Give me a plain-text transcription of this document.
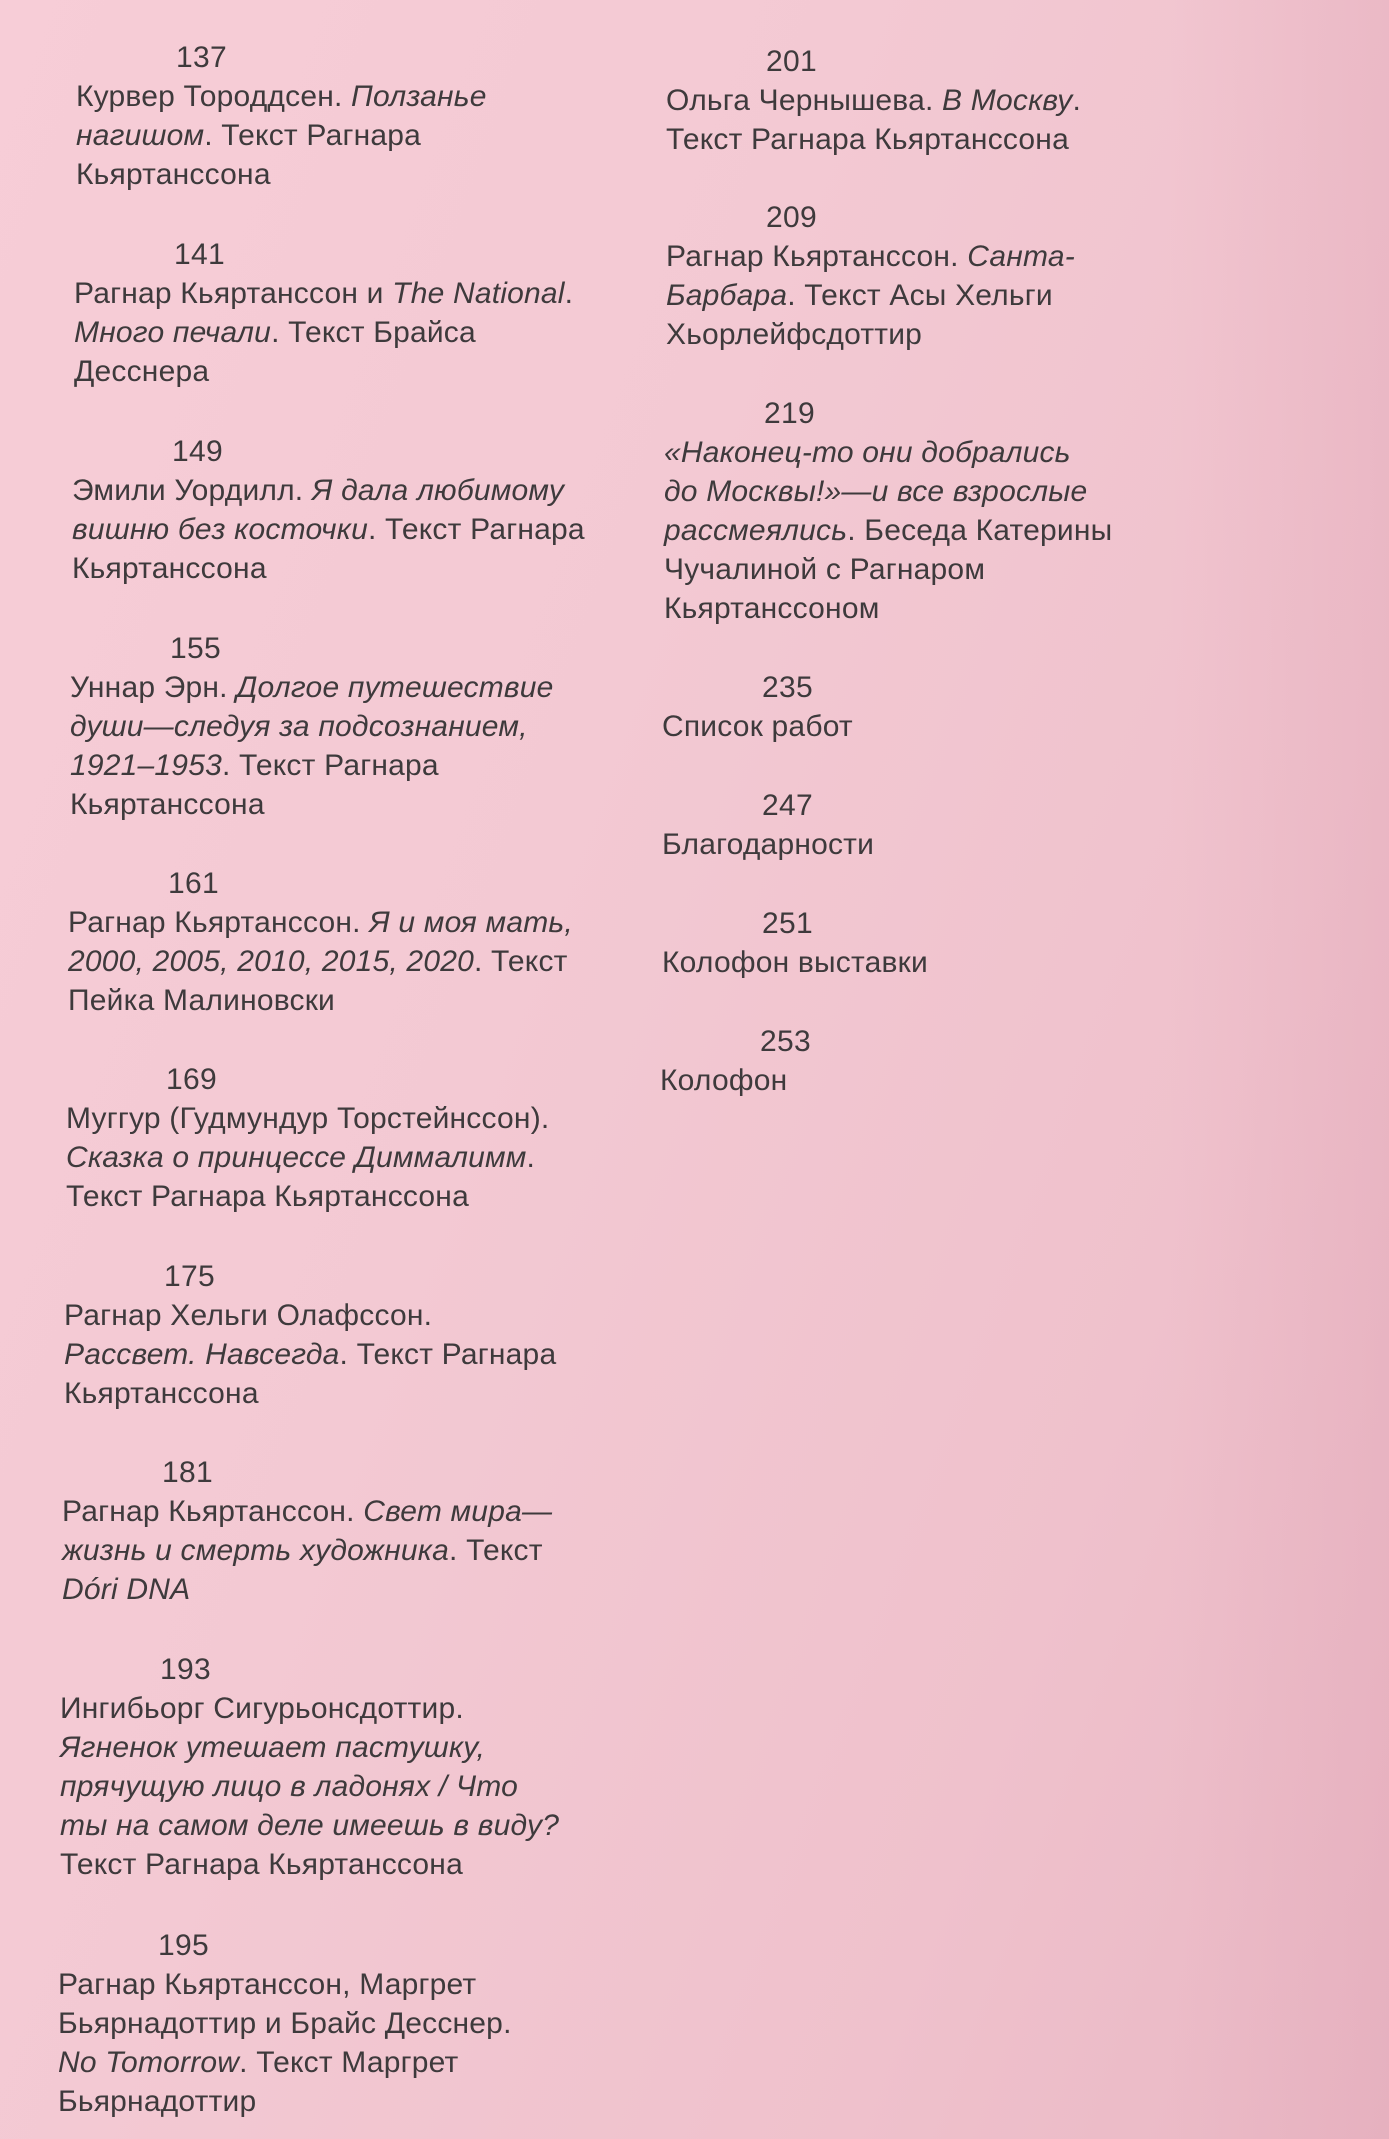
137

Курвер Тороддсен. Ползанье
нагишом. Текст Рагнара
Кьяртанссона

141

Рагнар Кьяртанссон и The National.
Много печали. Текст Брайса
Десснера

149

Эмили Уордилл. Я дала любимому
вишню без косточки. Текст Рагнара
Кьяртанссона

155

Уннар Эрн. Долгое путешествие
души—следуя за подсознанием,
1921–1953. Текст Рагнара
Кьяртанссона

161

Рагнар Кьяртанссон. Я и моя мать,
2000, 2005, 2010, 2015, 2020. Текст
Пейка Малиновски

169

Муггур (Гудмундур Торстейнссон).
Сказка о принцессе Диммалимм.
Текст Рагнара Кьяртанссона

175

Рагнар Хельги Олафссон.
Рассвет. Навсегда. Текст Рагнара
Кьяртанссона

181

Рагнар Кьяртанссон. Свет мира—
жизнь и смерть художника. Текст
Dóri DNA

193

Ингибьорг Сигурьонсдоттир.
Ягненок утешает пастушку,
прячущую лицо в ладонях / Что
ты на самом деле имеешь в виду?
Текст Рагнара Кьяртанссона

195

Рагнар Кьяртанссон, Маргрет
Бьярнадоттир и Брайс Десснер.
No Tomorrow. Текст Маргрет
Бьярнадоттир

201

Ольга Чернышева. В Москву.
Текст Рагнара Кьяртанссона

209

Рагнар Кьяртанссон. Санта-
Барбара. Текст Асы Хельги
Хьорлейфсдоттир

219

«Наконец-то они добрались
до Москвы!»—и все взрослые
рассмеялись. Беседа Катерины
Чучалиной с Рагнаром
Кьяртанссоном

235

Список работ

247

Благодарности

251

Колофон выставки

253

Колофон
